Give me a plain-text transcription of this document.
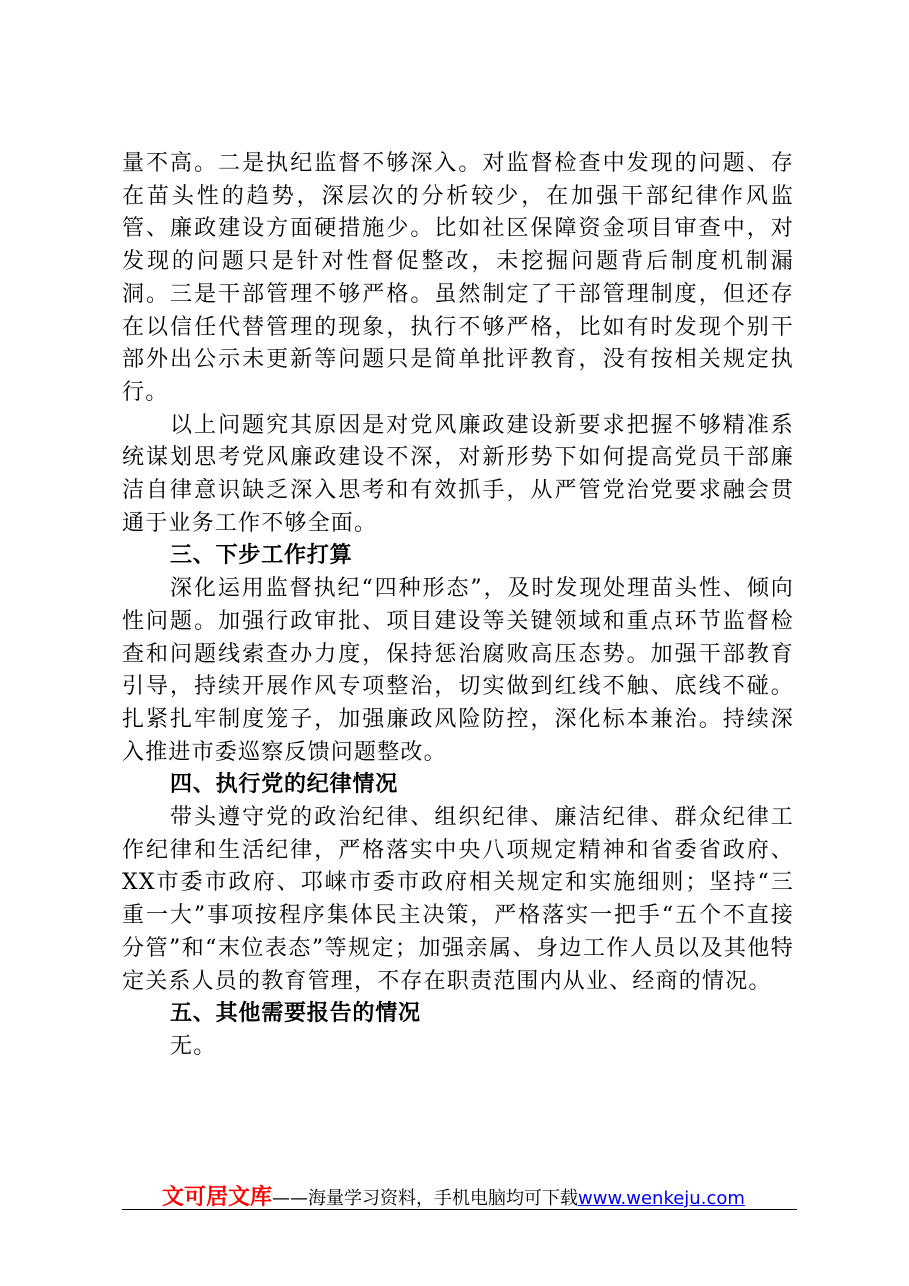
量不高。二是执纪监督不够深入。对监督检查中发现的问题、存在苗头性的趋势，深层次的分析较少，在加强干部纪律作风监管、廉政建设方面硬措施少。比如社区保障资金项目审查中，对发现的问题只是针对性督促整改，未挖掘问题背后制度机制漏洞。三是干部管理不够严格。虽然制定了干部管理制度，但还存在以信任代替管理的现象，执行不够严格，比如有时发现个别干部外出公示未更新等问题只是简单批评教育，没有按相关规定执行。

以上问题究其原因是对党风廉政建设新要求把握不够精准系统谋划思考党风廉政建设不深，对新形势下如何提高党员干部廉洁自律意识缺乏深入思考和有效抓手，从严管党治党要求融会贯通于业务工作不够全面。

三、下步工作打算

深化运用监督执纪“四种形态”，及时发现处理苗头性、倾向性问题。加强行政审批、项目建设等关键领域和重点环节监督检查和问题线索查办力度，保持惩治腐败高压态势。加强干部教育引导，持续开展作风专项整治，切实做到红线不触、底线不碰。扎紧扎牢制度笼子，加强廉政风险防控，深化标本兼治。持续深入推进市委巡察反馈问题整改。

四、执行党的纪律情况

带头遵守党的政治纪律、组织纪律、廉洁纪律、群众纪律工作纪律和生活纪律，严格落实中央八项规定精神和省委省政府、XX市委市政府、邛崃市委市政府相关规定和实施细则；坚持“三重一大”事项按程序集体民主决策，严格落实一把手“五个不直接分管”和“末位表态”等规定；加强亲属、身边工作人员以及其他特定关系人员的教育管理，不存在职责范围内从业、经商的情况。

五、其他需要报告的情况

无。

文可居文库——海量学习资料，手机电脑均可下载www.wenkeju.com
